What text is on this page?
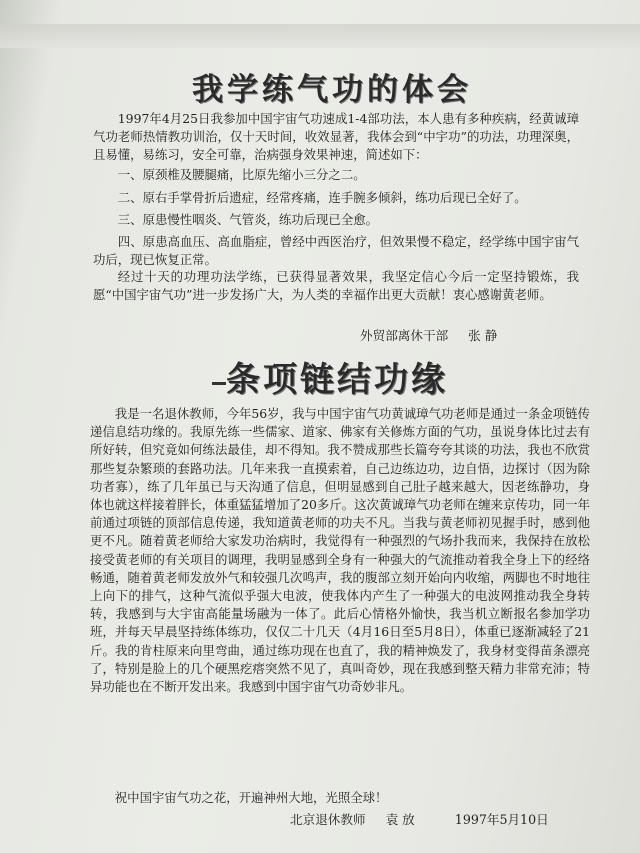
我学练气功的体会

1997年4月25日我参加中国宇宙气功速成1-4部功法，本人患有多种疾病，经黄诚璋气功老师热情教功训治，仅十天时间，收效显著，我体会到“中宇功”的功法，功理深奥，且易懂，易练习，安全可靠，治病强身效果神速，简述如下：

一、原颈椎及腰腿痛，比原先缩小三分之二。

二、原右手掌骨折后遗症，经常疼痛，连手腕多倾斜，练功后现已全好了。

三、原患慢性咽炎、气管炎，练功后现已全愈。

四、原患高血压、高血脂症，曾经中西医治疗，但效果慢不稳定，经学练中国宇宙气功后，现已恢复正常。

经过十天的功理功法学练，已获得显著效果，我坚定信心今后一定坚持锻炼，我愿“中国宇宙气功”进一步发扬广大，为人类的幸福作出更大贡献！衷心感谢黄老师。

外贸部离休干部     张 静

条项链结功缘

我是一名退休教师，今年56岁，我与中国宇宙气功黄诚璋气功老师是通过一条金项链传递信息结功缘的。我原先练一些儒家、道家、佛家有关修炼方面的气功，虽说身体比过去有所好转，但究竟如何练法最佳，却不得知。我不赞成那些长篇夸夸其谈的功法，我也不欣赏那些复杂繁琐的套路功法。几年来我一直摸索着，自己边练边功，边自悟，边探讨（因为除功者寡），练了几年虽已与天沟通了信息，但明显感到自己肚子越来越大，因老练静功，身体也就这样接着胖长，体重猛猛增加了20多斤。这次黄诚璋气功老师在缠来京传功，同一年前通过项链的顶部信息传递，我知道黄老师的功夫不凡。当我与黄老师初见握手时，感到他更不凡。随着黄老师给大家发功治病时，我觉得有一种强烈的气场扑我而来，我保持在放松接受黄老师的有关项目的调理，我明显感到全身有一种强大的气流推动着我全身上下的经络畅通，随着黄老师发放外气和较强几次鸣声，我的腹部立刻开始向内收缩，两脚也不时地往上向下的排气，这种气流似乎强大电波，使我体内产生了一种强大的电波网推动我全身转转，我感到与大宇宙高能量场融为一体了。此后心情格外愉快，我当机立断报名参加学功班，并每天早晨坚持练体练功，仅仅二十几天（4月16日至5月8日），体重已逐渐减轻了21斤。我的肯柱原来向里弯曲，通过练功现在也直了，我的精神焕发了，我身材变得苗条漂亮了，特别是脸上的几个硬黑疙瘩突然不见了，真叫奇妙，现在我感到整天精力非常充沛；特异功能也在不断开发出来。我感到中国宇宙气功奇妙非凡。

祝中国宇宙气功之花，开遍神州大地，光照全球！

北京退休教师     袁 放          1997年5月10日
